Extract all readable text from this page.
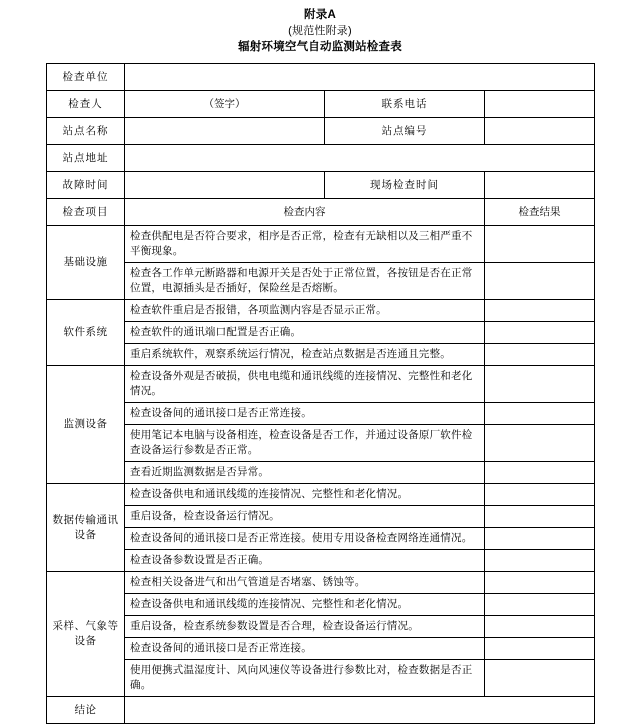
附录A
(规范性附录)
辐射环境空气自动监测站检查表
检查单位			
检查人	（签字）	联系电话	
站点名称		站点编号	
站点地址			
故障时间		现场检查时间	
检查项目	检查内容		检查结果
基础设施	检查供配电是否符合要求，相序是否正常，检查有无缺相以及三相严重不平衡现象。		
	检查各工作单元断路器和电源开关是否处于正常位置，各按钮是否在正常位置，电源插头是否插好，保险丝是否熔断。		
软件系统	检查软件重启是否报错，各项监测内容是否显示正常。		
	检查软件的通讯端口配置是否正确。		
	重启系统软件，观察系统运行情况，检查站点数据是否连通且完整。		
监测设备	检查设备外观是否破损，供电电缆和通讯线缆的连接情况、完整性和老化情况。		
	检查设备间的通讯接口是否正常连接。		
	使用笔记本电脑与设备相连，检查设备是否工作，并通过设备原厂软件检查设备运行参数是否正常。		
	查看近期监测数据是否异常。		
数据传输通讯设备	检查设备供电和通讯线缆的连接情况、完整性和老化情况。		
	重启设备，检查设备运行情况。		
	检查设备间的通讯接口是否正常连接。使用专用设备检查网络连通情况。		
	检查设备参数设置是否正确。		
采样、气象等设备	检查相关设备进气和出气管道是否堵塞、锈蚀等。		
	检查设备供电和通讯线缆的连接情况、完整性和老化情况。		
	重启设备，检查系统参数设置是否合理，检查设备运行情况。		
	检查设备间的通讯接口是否正常连接。		
	使用便携式温湿度计、风向风速仪等设备进行参数比对，检查数据是否正确。		
结论			
